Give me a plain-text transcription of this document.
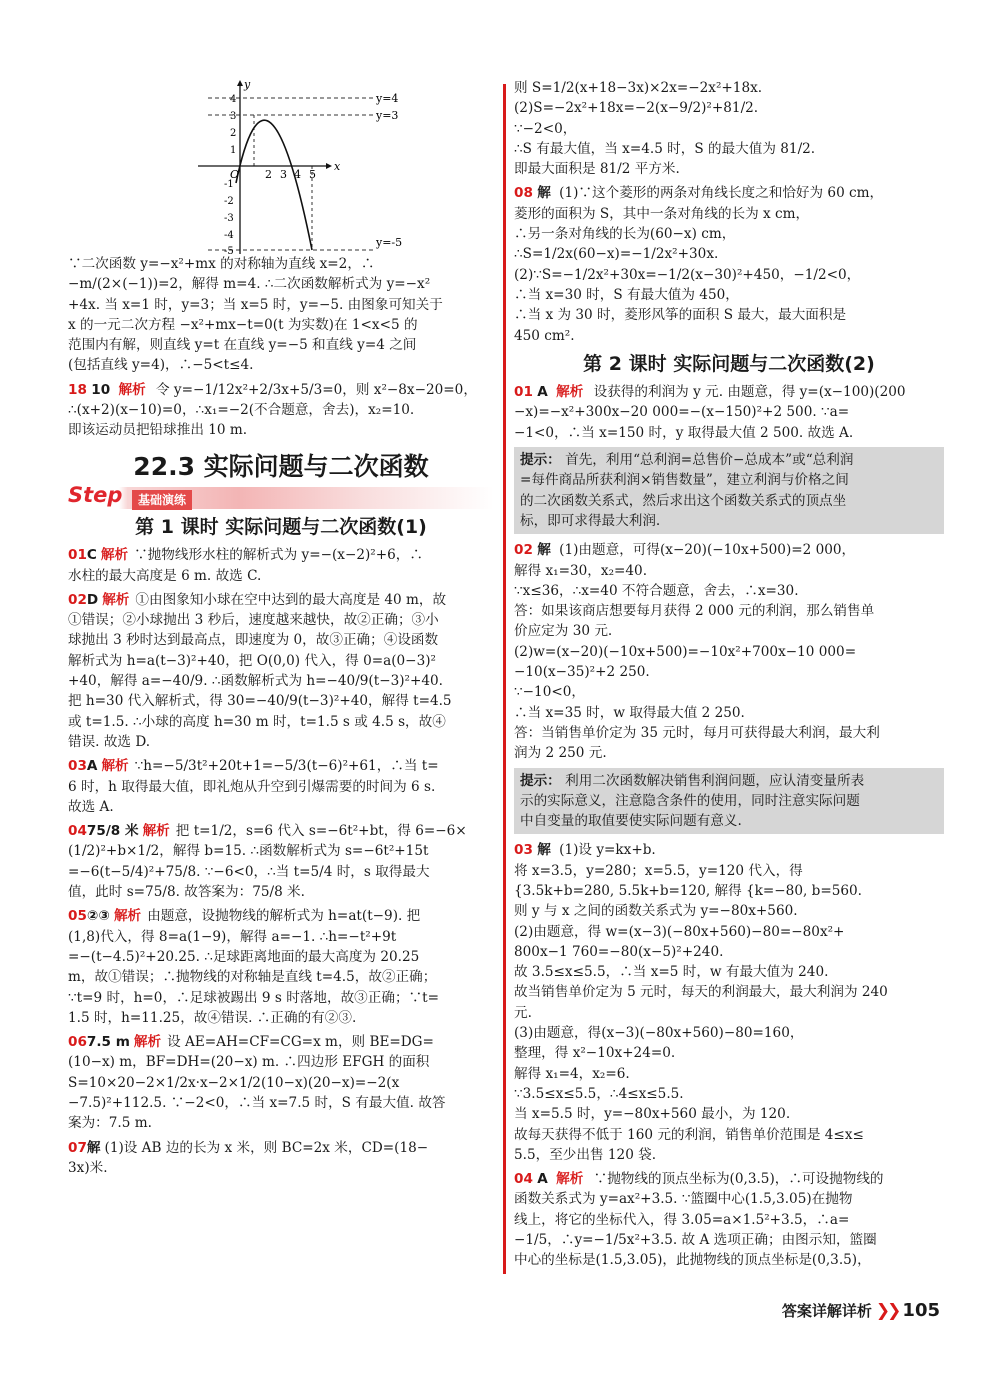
x
y
O
y=4
y=3
y=-5
2 3 4 5
4
3
2
1
-1
-2
-3
-4
-5

∵二次函数 y=−x²+mx 的对称轴为直线 x=2，∴

−m/(2×(−1))=2，解得 m=4. ∴二次函数解析式为 y=−x²

+4x. 当 x=1 时，y=3；当 x=5 时，y=−5. 由图象可知关于

x 的一元二次方程 −x²+mx−t=0(t 为实数)在 1<x<5 的

范围内有解，则直线 y=t 在直线 y=−5 和直线 y=4 之间

(包括直线 y=4)，∴−5<t≤4.

18 10 解析 令 y=−1/12x²+2/3x+5/3=0，则 x²−8x−20=0，

∴(x+2)(x−10)=0，∴x₁=−2(不合题意，舍去)，x₂=10.

即该运动员把铅球推出 10 m.

22.3 实际问题与二次函数
Step	基础演练
第 1 课时 实际问题与二次函数(1)

01C 解析 ∵抛物线形水柱的解析式为 y=−(x−2)²+6，∴

水柱的最大高度是 6 m. 故选 C.

02D 解析 ①由图象知小球在空中达到的最大高度是 40 m，故

①错误；②小球抛出 3 秒后，速度越来越快，故②正确；③小

球抛出 3 秒时达到最高点，即速度为 0，故③正确；④设函数

解析式为 h=a(t−3)²+40，把 O(0,0) 代入，得 0=a(0−3)²

+40，解得 a=−40/9. ∴函数解析式为 h=−40/9(t−3)²+40.

把 h=30 代入解析式，得 30=−40/9(t−3)²+40，解得 t=4.5

或 t=1.5. ∴小球的高度 h=30 m 时，t=1.5 s 或 4.5 s，故④

错误. 故选 D.

03A 解析 ∵h=−5/3t²+20t+1=−5/3(t−6)²+61，∴当 t=

6 时，h 取得最大值，即礼炮从升空到引爆需要的时间为 6 s.

故选 A.

0475/8 米 解析 把 t=1/2，s=6 代入 s=−6t²+bt，得 6=−6×

(1/2)²+b×1/2，解得 b=15. ∴函数解析式为 s=−6t²+15t

=−6(t−5/4)²+75/8. ∵−6<0，∴当 t=5/4 时，s 取得最大

值，此时 s=75/8. 故答案为：75/8 米.

05②③ 解析 由题意，设抛物线的解析式为 h=at(t−9). 把

(1,8)代入，得 8=a(1−9)，解得 a=−1. ∴h=−t²+9t

=−(t−4.5)²+20.25. ∴足球距离地面的最大高度为 20.25

m，故①错误；∴抛物线的对称轴是直线 t=4.5，故②正确；

∵t=9 时，h=0，∴足球被踢出 9 s 时落地，故③正确；∵t=

1.5 时，h=11.25，故④错误. ∴正确的有②③.

067.5 m 解析 设 AE=AH=CF=CG=x m，则 BE=DG=

(10−x) m，BF=DH=(20−x) m. ∴四边形 EFGH 的面积

S=10×20−2×1/2x·x−2×1/2(10−x)(20−x)=−2(x

−7.5)²+112.5. ∵−2<0，∴当 x=7.5 时，S 有最大值. 故答

案为：7.5 m.

07解 (1)设 AB 边的长为 x 米，则 BC=2x 米，CD=(18−

3x)米.

则 S=1/2(x+18−3x)×2x=−2x²+18x.

(2)S=−2x²+18x=−2(x−9/2)²+81/2.

∵−2<0，

∴S 有最大值，当 x=4.5 时，S 的最大值为 81/2.

即最大面积是 81/2 平方米.

08 解 (1)∵这个菱形的两条对角线长度之和恰好为 60 cm，

菱形的面积为 S，其中一条对角线的长为 x cm，

∴另一条对角线的长为(60−x) cm，

∴S=1/2x(60−x)=−1/2x²+30x.

(2)∵S=−1/2x²+30x=−1/2(x−30)²+450，−1/2<0，

∴当 x=30 时，S 有最大值为 450，

∴当 x 为 30 时，菱形风筝的面积 S 最大，最大面积是

450 cm².

第 2 课时 实际问题与二次函数(2)

01 A 解析 设获得的利润为 y 元. 由题意，得 y=(x−100)(200

−x)=−x²+300x−20 000=−(x−150)²+2 500. ∵a=

−1<0，∴当 x=150 时，y 取得最大值 2 500. 故选 A.

提示： 首先，利用“总利润=总售价−总成本”或“总利润

=每件商品所获利润×销售数量”，建立利润与价格之间

的二次函数关系式，然后求出这个函数关系式的顶点坐

标，即可求得最大利润.

02 解 (1)由题意，可得(x−20)(−10x+500)=2 000，

解得 x₁=30，x₂=40.

∵x≤36，∴x=40 不符合题意，舍去，∴x=30.

答：如果该商店想要每月获得 2 000 元的利润，那么销售单

价应定为 30 元.

(2)w=(x−20)(−10x+500)=−10x²+700x−10 000=

−10(x−35)²+2 250.

∵−10<0，

∴当 x=35 时，w 取得最大值 2 250.

答：当销售单价定为 35 元时，每月可获得最大利润，最大利

润为 2 250 元.

提示： 利用二次函数解决销售利润问题，应认清变量所表

示的实际意义，注意隐含条件的使用，同时注意实际问题

中自变量的取值要使实际问题有意义.

03 解 (1)设 y=kx+b.

将 x=3.5，y=280；x=5.5，y=120 代入，得

{3.5k+b=280, 5.5k+b=120, 解得 {k=−80, b=560.

则 y 与 x 之间的函数关系式为 y=−80x+560.

(2)由题意，得 w=(x−3)(−80x+560)−80=−80x²+

800x−1 760=−80(x−5)²+240.

故 3.5≤x≤5.5，∴当 x=5 时，w 有最大值为 240.

故当销售单价定为 5 元时，每天的利润最大，最大利润为 240

元.

(3)由题意，得(x−3)(−80x+560)−80=160，

整理，得 x²−10x+24=0.

解得 x₁=4，x₂=6.

∵3.5≤x≤5.5，∴4≤x≤5.5.

当 x=5.5 时，y=−80x+560 最小，为 120.

故每天获得不低于 160 元的利润，销售单价范围是 4≤x≤

5.5，至少出售 120 袋.

04 A 解析 ∵抛物线的顶点坐标为(0,3.5)，∴可设抛物线的

函数关系式为 y=ax²+3.5. ∵篮圈中心(1.5,3.05)在抛物

线上，将它的坐标代入，得 3.05=a×1.5²+3.5，∴a=

−1/5，∴y=−1/5x²+3.5. 故 A 选项正确；由图示知，篮圈

中心的坐标是(1.5,3.05)，此抛物线的顶点坐标是(0,3.5)，

答案详解详析 ❯❯ 105
